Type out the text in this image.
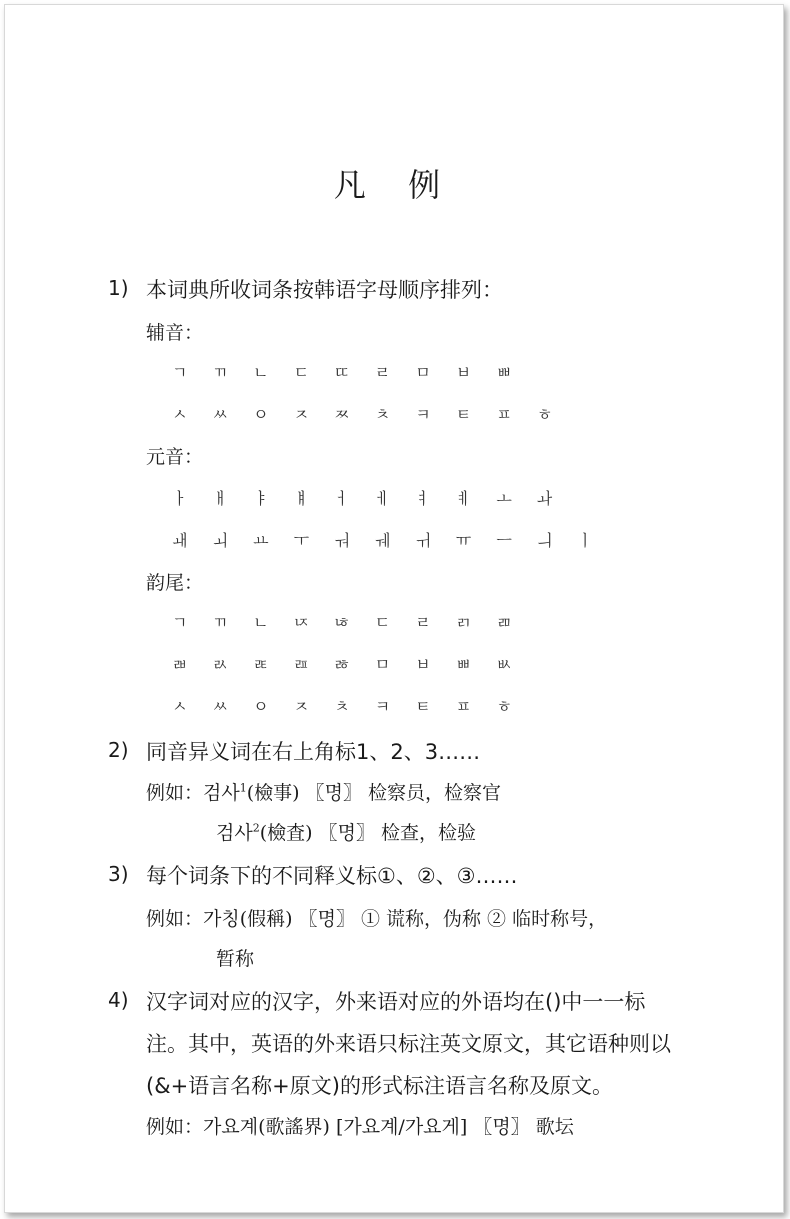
凡 例
1) 本词典所收词条按韩语字母顺序排列：
辅音：
ㄱ ㄲ ㄴ ㄷ ㄸ ㄹ ㅁ ㅂ ㅃ
ㅅ ㅆ ㅇ ㅈ ㅉ ㅊ ㅋ ㅌ ㅍ ㅎ
元音：
ㅏ ㅐ ㅑ ㅒ ㅓ ㅔ ㅕ ㅖ ㅗ ㅘ
ㅙ ㅚ ㅛ ㅜ ㅝ ㅞ ㅟ ㅠ ㅡ ㅢ ㅣ
韵尾：
ㄱ ㄲ ㄴ ㄵ ㄶ ㄷ ㄹ ㄺ ㄻ
ㄼ ㄽ ㄾ ㄿ ㅀ ㅁ ㅂ ㅃ ㅄ
ㅅ ㅆ ㅇ ㅈ ㅊ ㅋ ㅌ ㅍ ㅎ
2) 同音异义词在右上角标1、2、3……
例如：검사$^1$(檢事) 〖명〗 检察员，检察官
검사$^2$(檢査) 〖명〗 检查，检验
3) 每个词条下的不同释义标①、②、③……
例如：가칭(假稱) 〖명〗 ① 谎称，伪称 ② 临时称号，
暂称
4) 汉字词对应的汉字，外来语对应的外语均在()中一一标
注。其中，英语的外来语只标注英文原文，其它语种则以
(&+语言名称+原文)的形式标注语言名称及原文。
例如：가요계(歌謠界) [가요계/가요게] 〖명〗 歌坛
